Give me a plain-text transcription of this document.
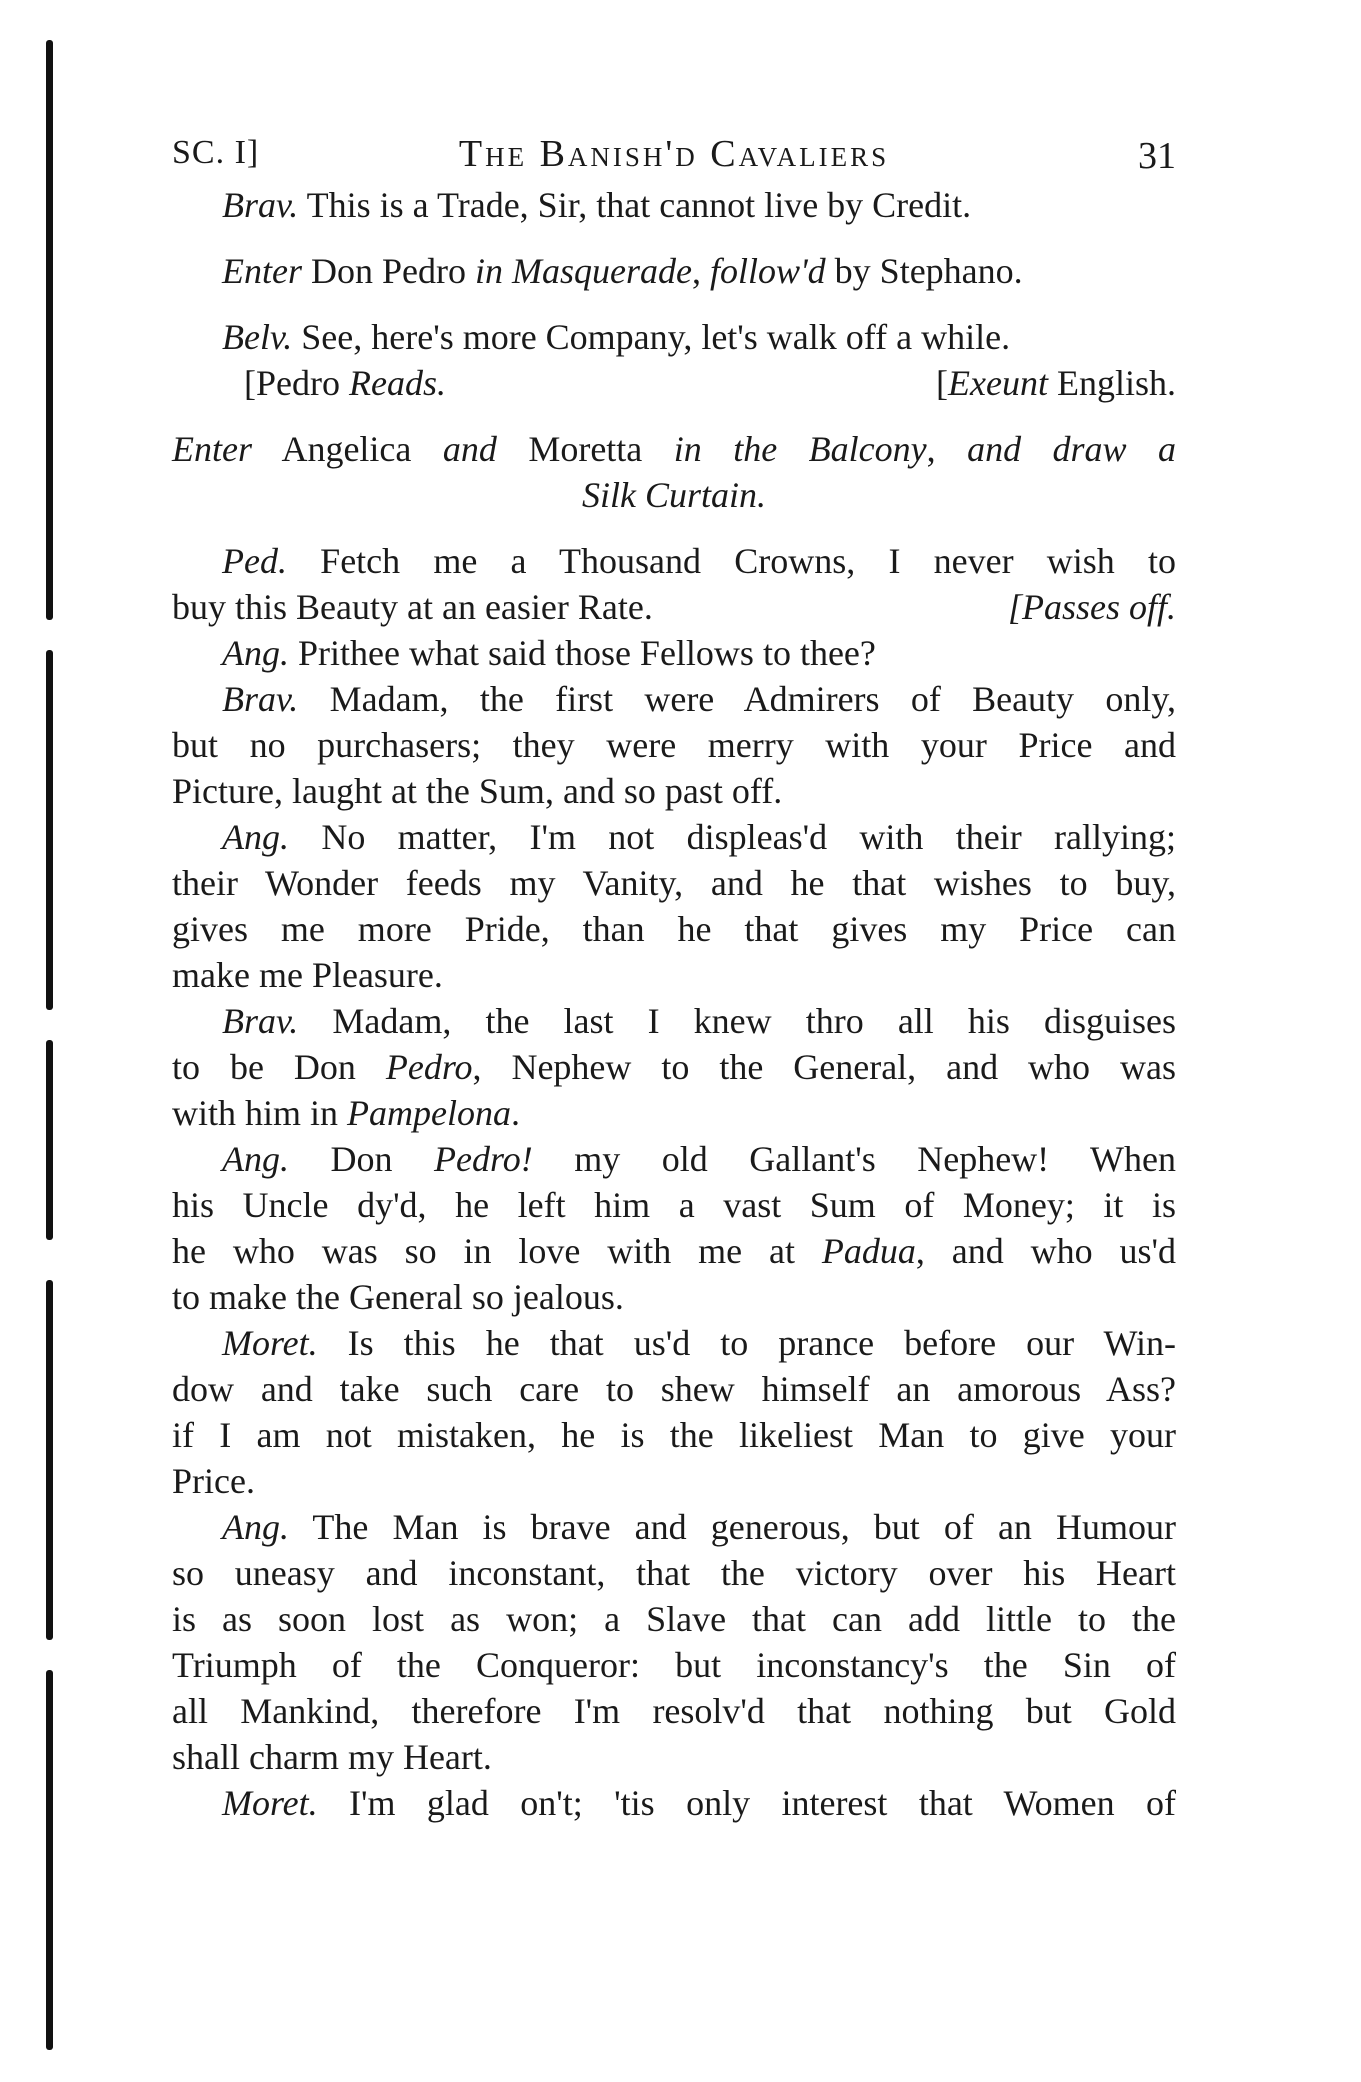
SC. I]	The Banish'd Cavaliers	31
Brav. This is a Trade, Sir, that cannot live by Credit.
Enter Don Pedro in Masquerade, follow'd by Stephano.
Belv. See, here's more Company, let's walk off a while.
[Pedro Reads.	[Exeunt English.
Enter Angelica and Moretta in the Balcony, and draw a
Silk Curtain.
Ped. Fetch me a Thousand Crowns, I never wish to
buy this Beauty at an easier Rate.	[Passes off.
Ang. Prithee what said those Fellows to thee?
Brav. Madam, the first were Admirers of Beauty only,
but no purchasers; they were merry with your Price and
Picture, laught at the Sum, and so past off.
Ang. No matter, I'm not displeas'd with their rallying;
their Wonder feeds my Vanity, and he that wishes to buy,
gives me more Pride, than he that gives my Price can
make me Pleasure.
Brav. Madam, the last I knew thro all his disguises
to be Don Pedro, Nephew to the General, and who was
with him in Pampelona.
Ang. Don Pedro! my old Gallant's Nephew! When
his Uncle dy'd, he left him a vast Sum of Money; it is
he who was so in love with me at Padua, and who us'd
to make the General so jealous.
Moret. Is this he that us'd to prance before our Win-
dow and take such care to shew himself an amorous Ass?
if I am not mistaken, he is the likeliest Man to give your
Price.
Ang. The Man is brave and generous, but of an Humour
so uneasy and inconstant, that the victory over his Heart
is as soon lost as won; a Slave that can add little to the
Triumph of the Conqueror: but inconstancy's the Sin of
all Mankind, therefore I'm resolv'd that nothing but Gold
shall charm my Heart.
Moret. I'm glad on't; 'tis only interest that Women of
